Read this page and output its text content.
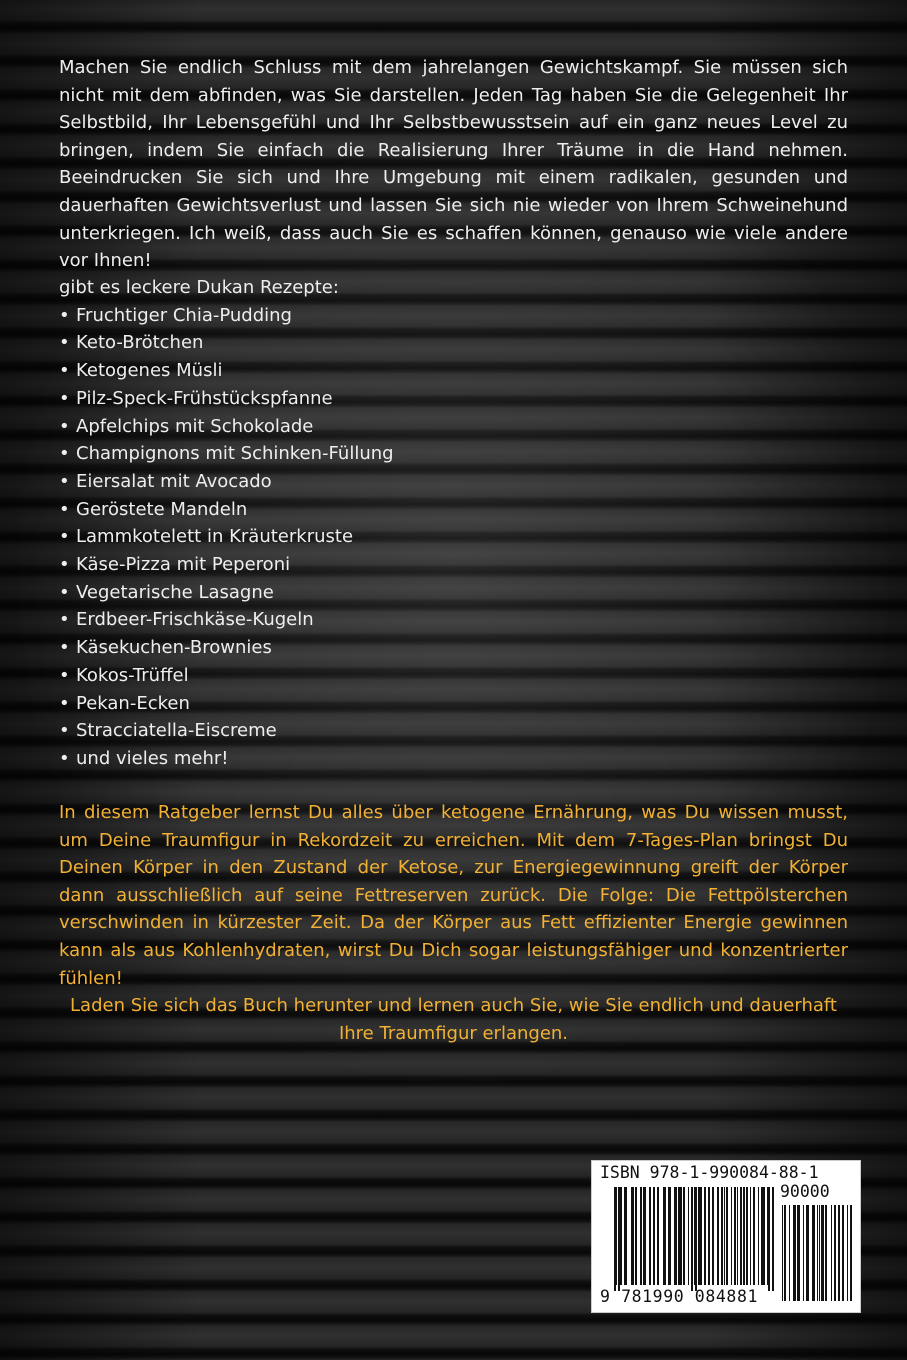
Machen Sie endlich Schluss mit dem jahrelangen Gewichtskampf. Sie müssen sich nicht mit dem abfinden, was Sie darstellen. Jeden Tag haben Sie die Gelegenheit Ihr Selbstbild, Ihr Lebensgefühl und Ihr Selbstbewusstsein auf ein ganz neues Level zu bringen, indem Sie einfach die Realisierung Ihrer Träume in die Hand nehmen. Beeindrucken Sie sich und Ihre Umgebung mit einem radikalen, gesunden und dauerhaften Gewichtsverlust und lassen Sie sich nie wieder von Ihrem Schweinehund unterkriegen. Ich weiß, dass auch Sie es schaffen können, genauso wie viele andere vor Ihnen!

gibt es leckere Dukan Rezepte:

• Fruchtiger Chia-Pudding
• Keto-Brötchen
• Ketogenes Müsli
• Pilz-Speck-Frühstückspfanne
• Apfelchips mit Schokolade
• Champignons mit Schinken-Füllung
• Eiersalat mit Avocado
• Geröstete Mandeln
• Lammkotelett in Kräuterkruste
• Käse-Pizza mit Peperoni
• Vegetarische Lasagne
• Erdbeer-Frischkäse-Kugeln
• Käsekuchen-Brownies
• Kokos-Trüffel
• Pekan-Ecken
• Stracciatella-Eiscreme
• und vieles mehr!

In diesem Ratgeber lernst Du alles über ketogene Ernährung, was Du wissen musst, um Deine Traumfigur in Rekordzeit zu erreichen. Mit dem 7-Tages-Plan bringst Du Deinen Körper in den Zustand der Ketose, zur Energiegewinnung greift der Körper dann ausschließlich auf seine Fettreserven zurück. Die Folge: Die Fettpölsterchen verschwinden in kürzester Zeit. Da der Körper aus Fett effizienter Energie gewinnen kann als aus Kohlenhydraten, wirst Du Dich sogar leistungsfähiger und konzentrierter fühlen!

Laden Sie sich das Buch herunter und lernen auch Sie, wie Sie endlich und dauerhaft Ihre Traumfigur erlangen.

ISBN 978-1-990084-88-1
90000
9 781990 084881
